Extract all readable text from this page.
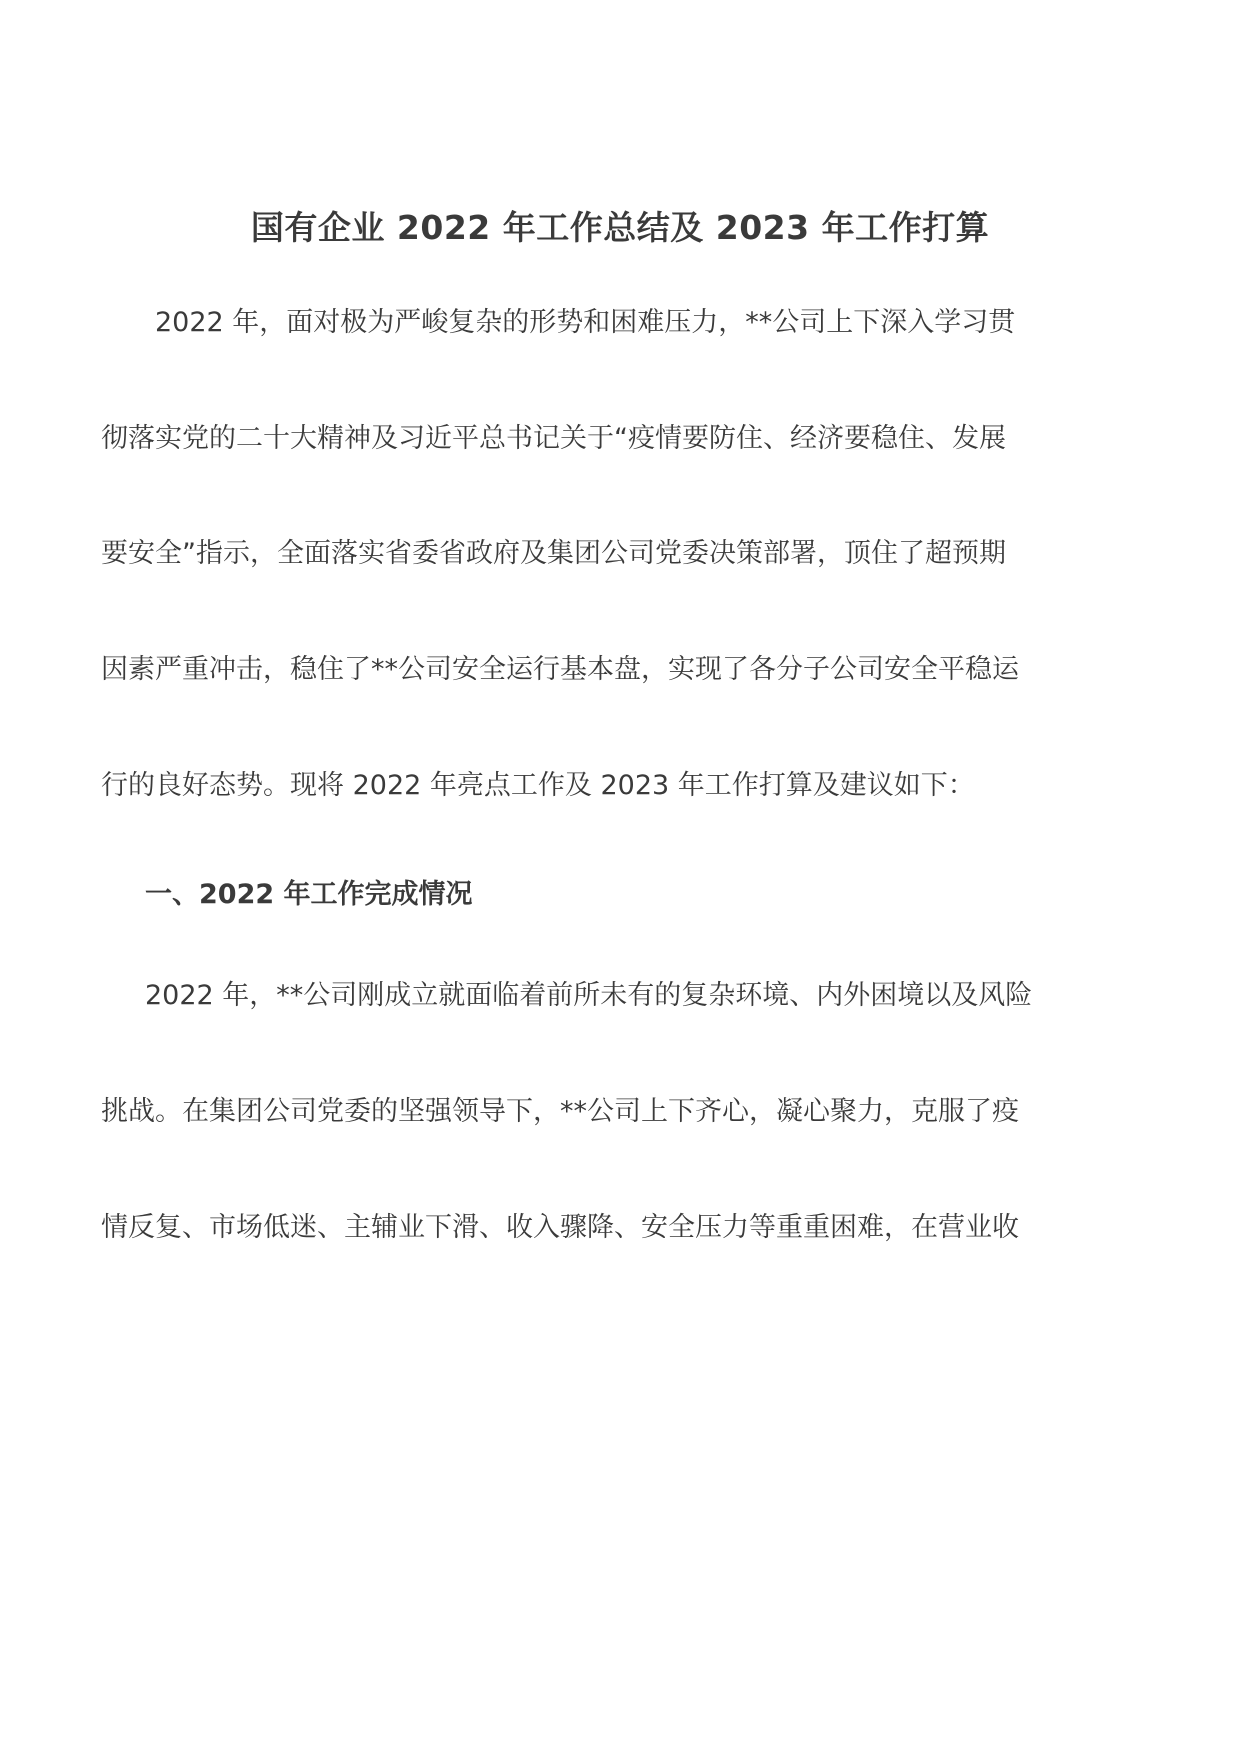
国有企业 2022 年工作总结及 2023 年工作打算
2022 年，面对极为严峻复杂的形势和困难压力，**公司上下深入学习贯
彻落实党的二十大精神及习近平总书记关于“疫情要防住、经济要稳住、发展
要安全”指示，全面落实省委省政府及集团公司党委决策部署，顶住了超预期
因素严重冲击，稳住了**公司安全运行基本盘，实现了各分子公司安全平稳运
行的良好态势。现将 2022 年亮点工作及 2023 年工作打算及建议如下：
一、2022 年工作完成情况
2022 年，**公司刚成立就面临着前所未有的复杂环境、内外困境以及风险
挑战。在集团公司党委的坚强领导下，**公司上下齐心，凝心聚力，克服了疫
情反复、市场低迷、主辅业下滑、收入骤降、安全压力等重重困难，在营业收
